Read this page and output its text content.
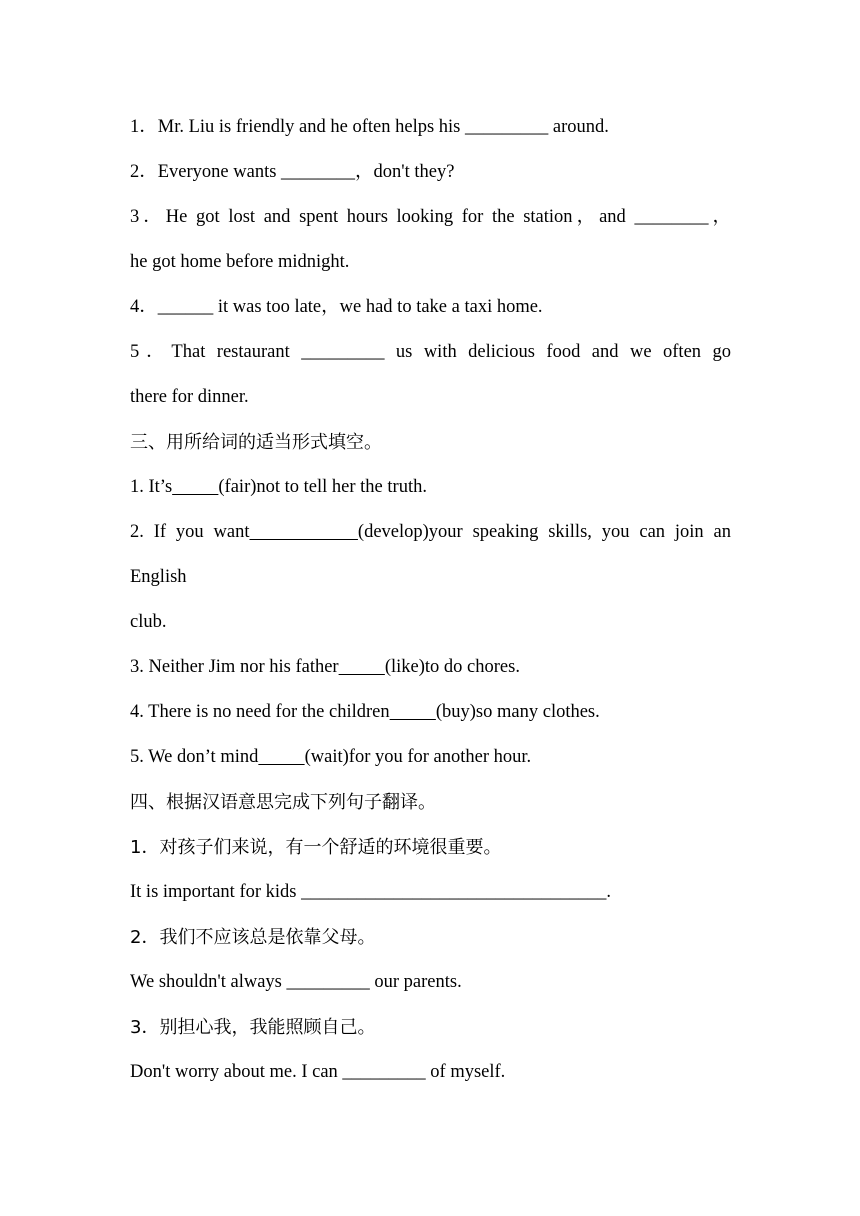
1．Mr. Liu is friendly and he often helps his _________ around.
2．Everyone wants ________，don't they?
3．He got lost and spent hours looking for the station，and ________，
he got home before midnight.
4．______ it was too late，we had to take a taxi home.
5．That restaurant _________ us with delicious food and we often go
there for dinner.
三、用所给词的适当形式填空。
1. It’s	(fair)not to tell her the truth.
2. If you want	(develop)your speaking skills, you can join an
English
club.
3. Neither Jim nor his father	(like)to do chores.
4. There is no need for the children	(buy)so many clothes.
5. We don’t mind	(wait)for you for another hour.
四、根据汉语意思完成下列句子翻译。
1．对孩子们来说，有一个舒适的环境很重要。
It is important for kids _________________________________.
2．我们不应该总是依靠父母。
We shouldn't always _________ our parents.
3．别担心我，我能照顾自己。
Don't worry about me. I can _________ of myself.
